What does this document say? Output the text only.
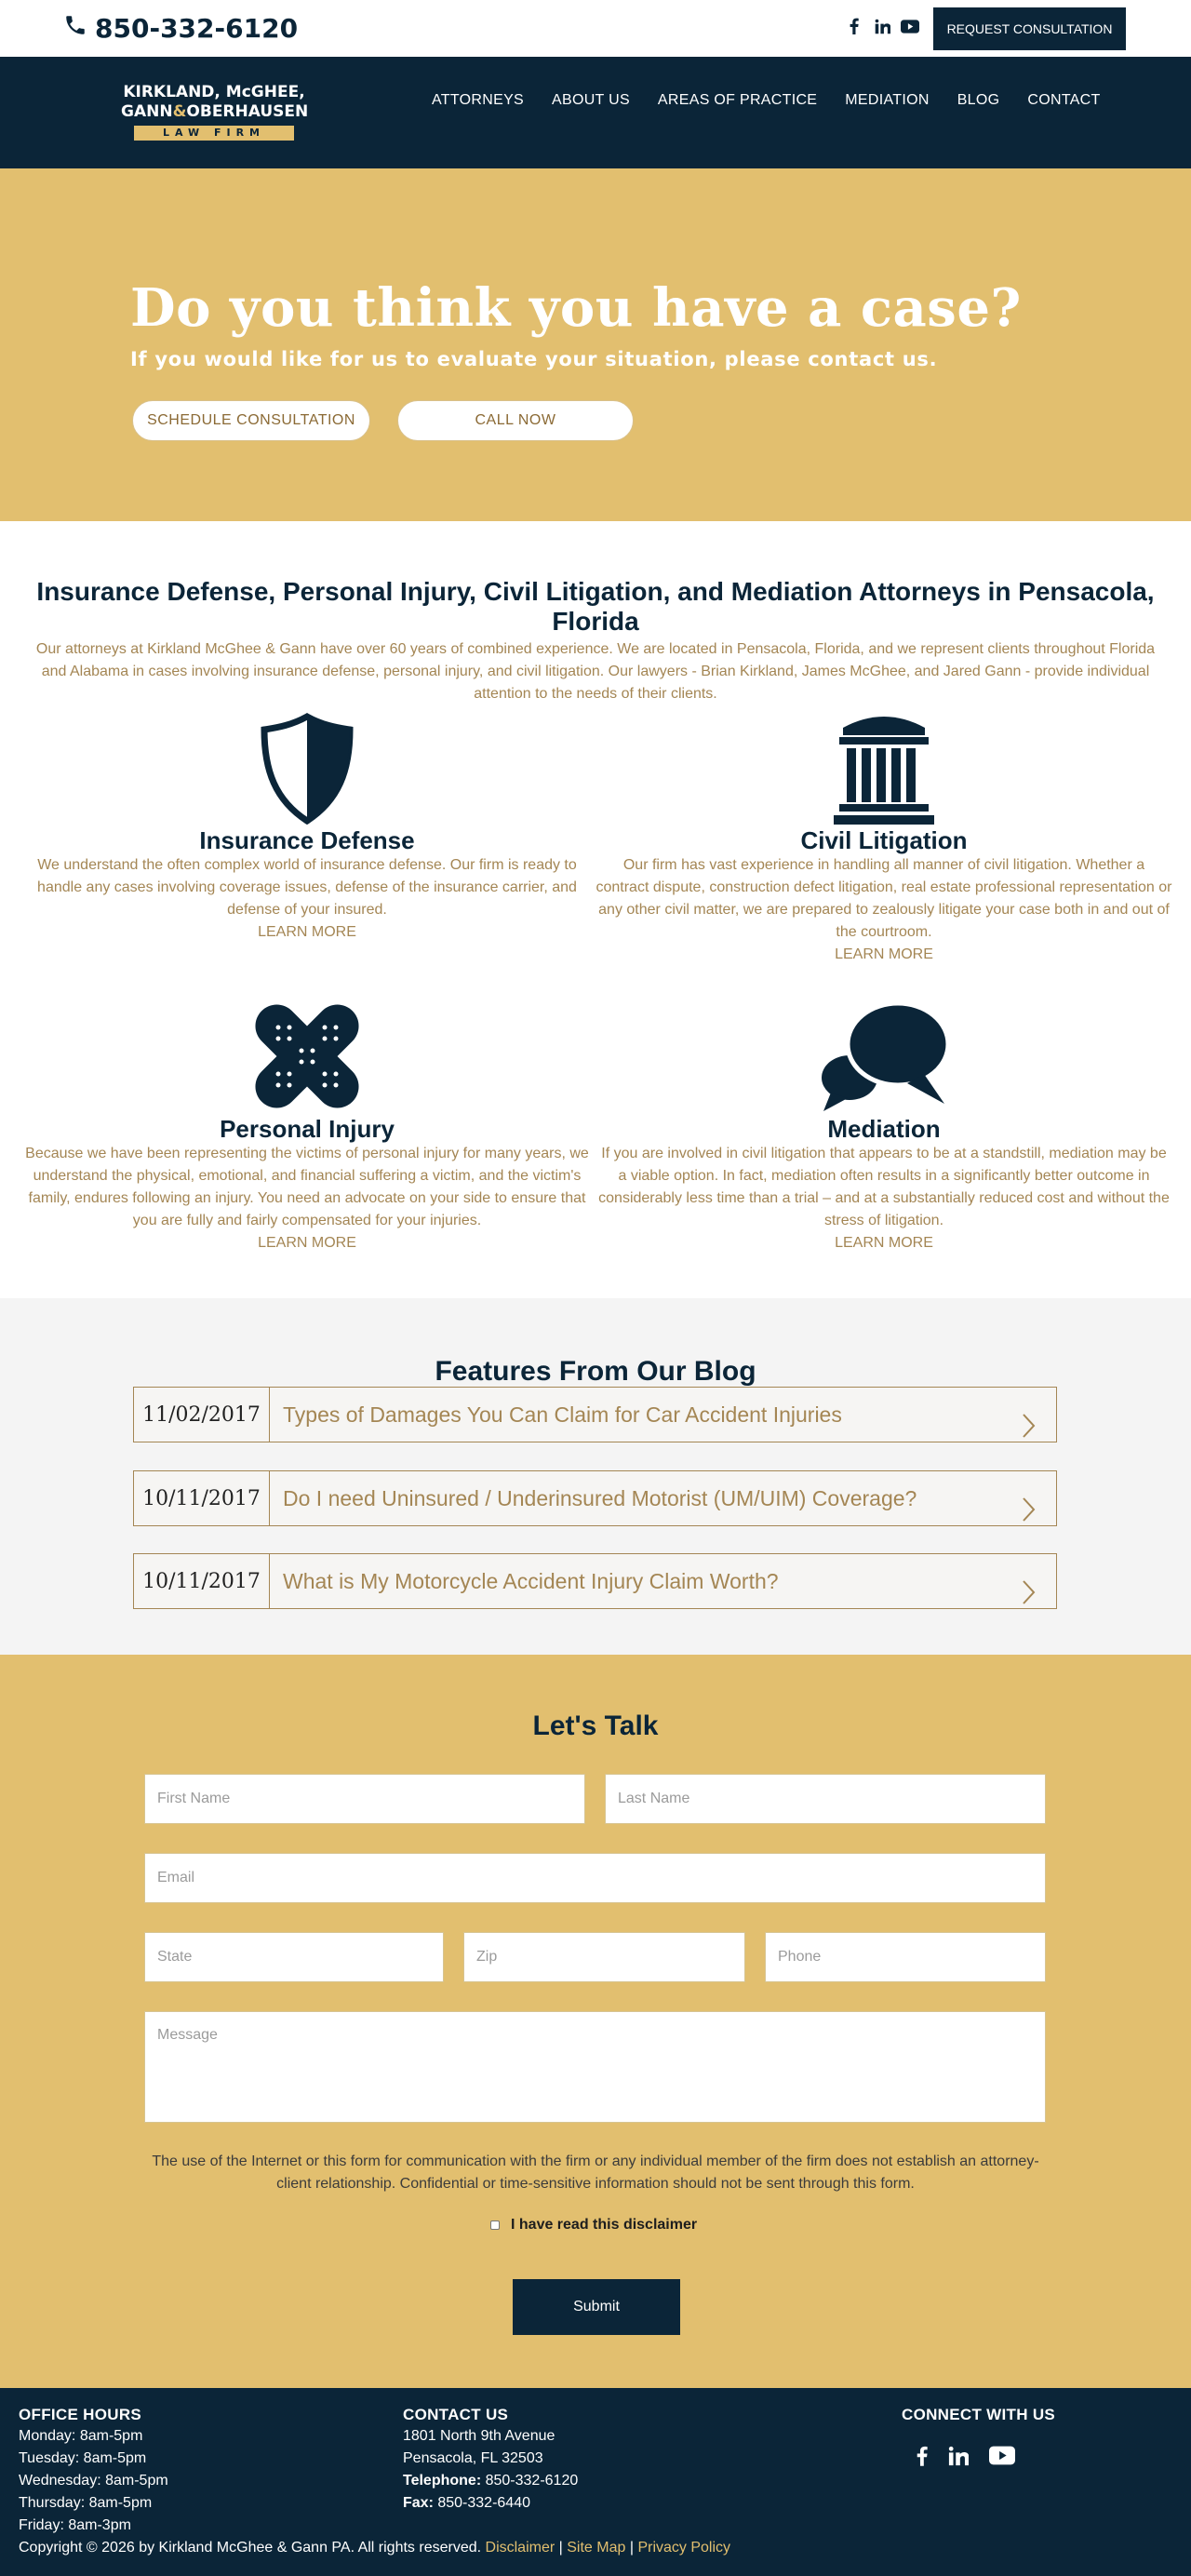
850-332-6120	REQUEST CONSULTATION
KIRKLAND, McGHEE,
GANN&OBERHAUSEN
LAW FIRM
ATTORNEYS ABOUT US AREAS OF PRACTICE MEDIATION BLOG CONTACT
Do you think you have a case?
If you would like for us to evaluate your situation, please contact us.
SCHEDULE CONSULTATION	CALL NOW
Insurance Defense, Personal Injury, Civil Litigation, and Mediation Attorneys in Pensacola, Florida

Our attorneys at Kirkland McGhee & Gann have over 60 years of combined experience. We are located in Pensacola, Florida, and we represent clients throughout Florida and Alabama in cases involving insurance defense, personal injury, and civil litigation. Our lawyers - Brian Kirkland, James McGhee, and Jared Gann - provide individual attention to the needs of their clients.

Insurance Defense

We understand the often complex world of insurance defense. Our firm is ready to handle any cases involving coverage issues, defense of the insurance carrier, and defense of your insured.

LEARN MORE
Civil Litigation

Our firm has vast experience in handling all manner of civil litigation. Whether a contract dispute, construction defect litigation, real estate professional representation or any other civil matter, we are prepared to zealously litigate your case both in and out of the courtroom.

LEARN MORE
Personal Injury

Because we have been representing the victims of personal injury for many years, we understand the physical, emotional, and financial suffering a victim, and the victim's family, endures following an injury. You need an advocate on your side to ensure that you are fully and fairly compensated for your injuries.

LEARN MORE
Mediation

If you are involved in civil litigation that appears to be at a standstill, mediation may be a viable option. In fact, mediation often results in a significantly better outcome in considerably less time than a trial – and at a substantially reduced cost and without the stress of litigation.

LEARN MORE
Features From Our Blog
11/02/2017	Types of Damages You Can Claim for Car Accident Injuries
10/11/2017	Do I need Uninsured / Underinsured Motorist (UM/UIM) Coverage?
10/11/2017	What is My Motorcycle Accident Injury Claim Worth?
Let's Talk
First Name	Last Name
Email
State	Zip	Phone
Message

The use of the Internet or this form for communication with the firm or any individual member of the firm does not establish an attorney-client relationship. Confidential or time-sensitive information should not be sent through this form.

I have read this disclaimer
Submit
OFFICE HOURS
Monday: 8am-5pm
Tuesday: 8am-5pm
Wednesday: 8am-5pm
Thursday: 8am-5pm
Friday: 8am-3pm
CONTACT US
1801 North 9th Avenue
Pensacola, FL 32503
Telephone: 850-332-6120
Fax: 850-332-6440
CONNECT WITH US
Copyright © 2026 by Kirkland McGhee & Gann PA. All rights reserved. Disclaimer | Site Map | Privacy Policy
